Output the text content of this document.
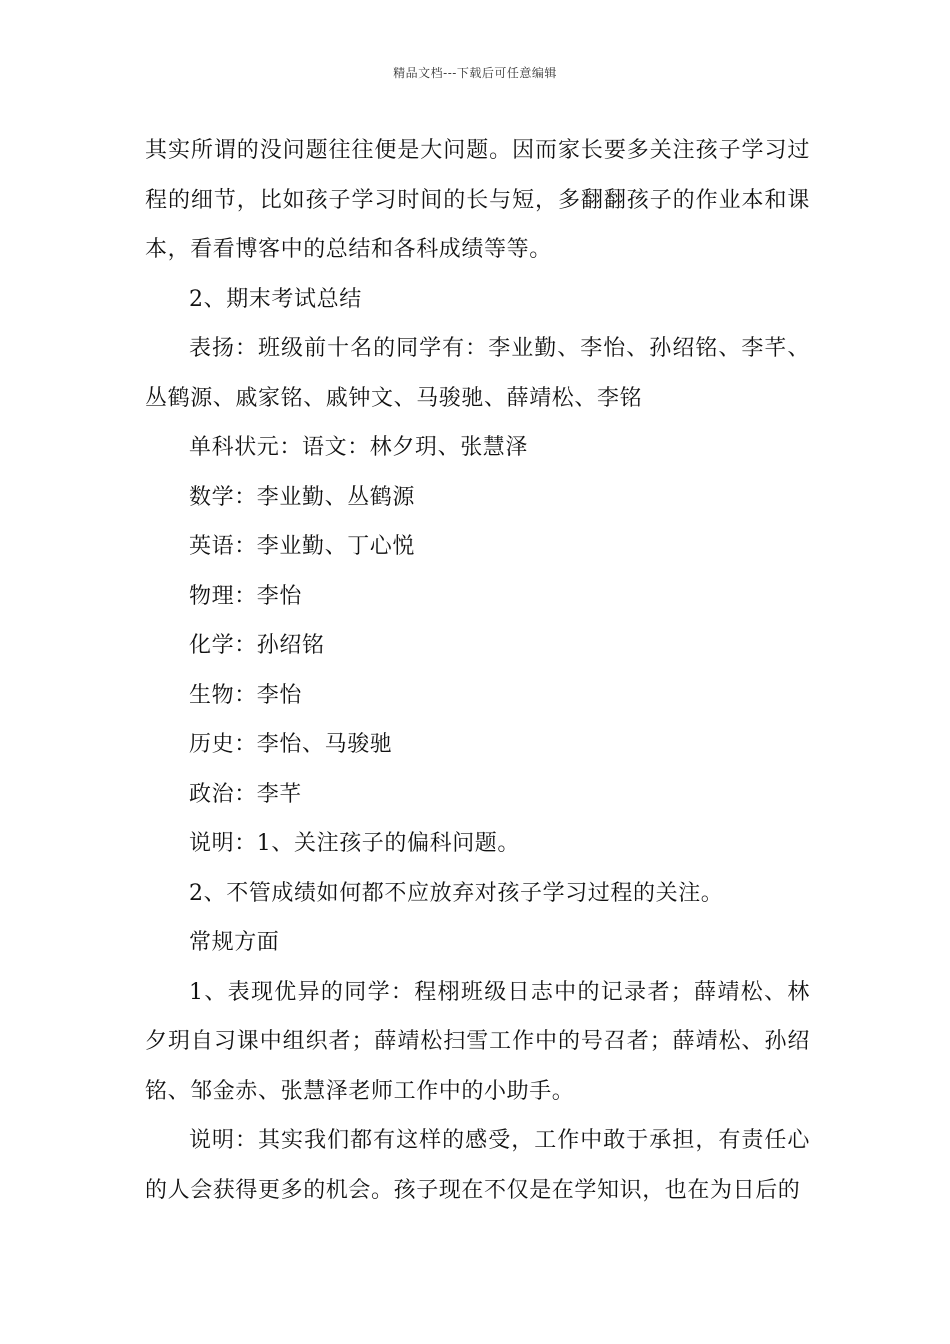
精品文档---下载后可任意编辑

其实所谓的没问题往往便是大问题。因而家长要多关注孩子学习过程的细节，比如孩子学习时间的长与短，多翻翻孩子的作业本和课本，看看博客中的总结和各科成绩等等。

2、期末考试总结

表扬：班级前十名的同学有：李业勤、李怡、孙绍铭、李芊、丛鹤源、戚家铭、戚钟文、马骏驰、薛靖松、李铭

单科状元：语文：林夕玥、张慧泽

数学：李业勤、丛鹤源

英语：李业勤、丁心悦

物理：李怡

化学：孙绍铭

生物：李怡

历史：李怡、马骏驰

政治：李芊

说明：1、关注孩子的偏科问题。

2、不管成绩如何都不应放弃对孩子学习过程的关注。

常规方面

1、表现优异的同学：程栩班级日志中的记录者；薛靖松、林夕玥自习课中组织者；薛靖松扫雪工作中的号召者；薛靖松、孙绍铭、邹金赤、张慧泽老师工作中的小助手。

说明：其实我们都有这样的感受，工作中敢于承担，有责任心的人会获得更多的机会。孩子现在不仅是在学知识，也在为日后的
